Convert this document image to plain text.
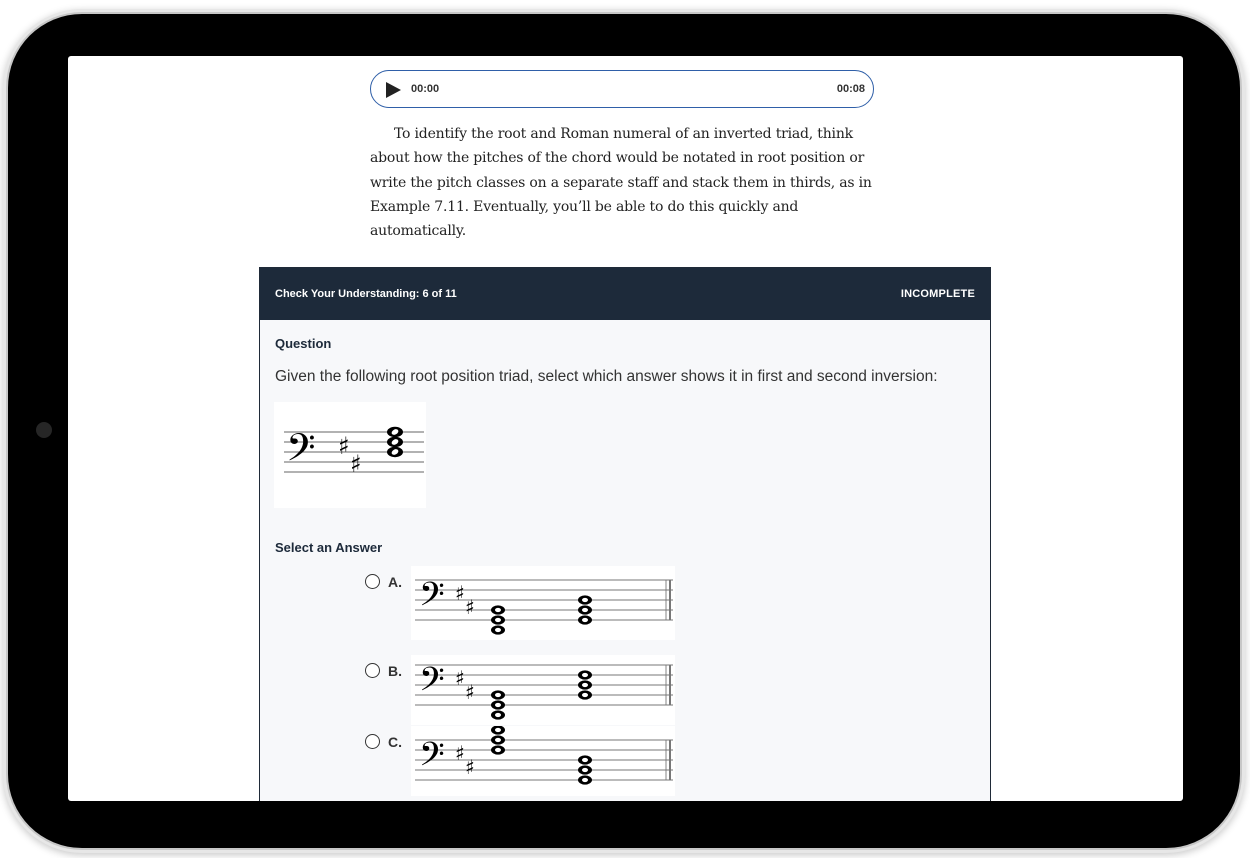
00:00	00:08

To identify the root and Roman numeral of an inverted triad, think about how the pitches of the chord would be notated in root position or write the pitch classes on a separate staff and stack them in thirds, as in Example 7.11. Eventually, you’ll be able to do this quickly and automatically.

Check Your Understanding: 6 of 11	INCOMPLETE
Question
Given the following root position triad, select which answer shows it in first and second inversion:
𝄢 ♯
♯
Select an Answer
A. 𝄢 ♯
♯
B. 𝄢 ♯
♯
C. 𝄢 ♯
♯
